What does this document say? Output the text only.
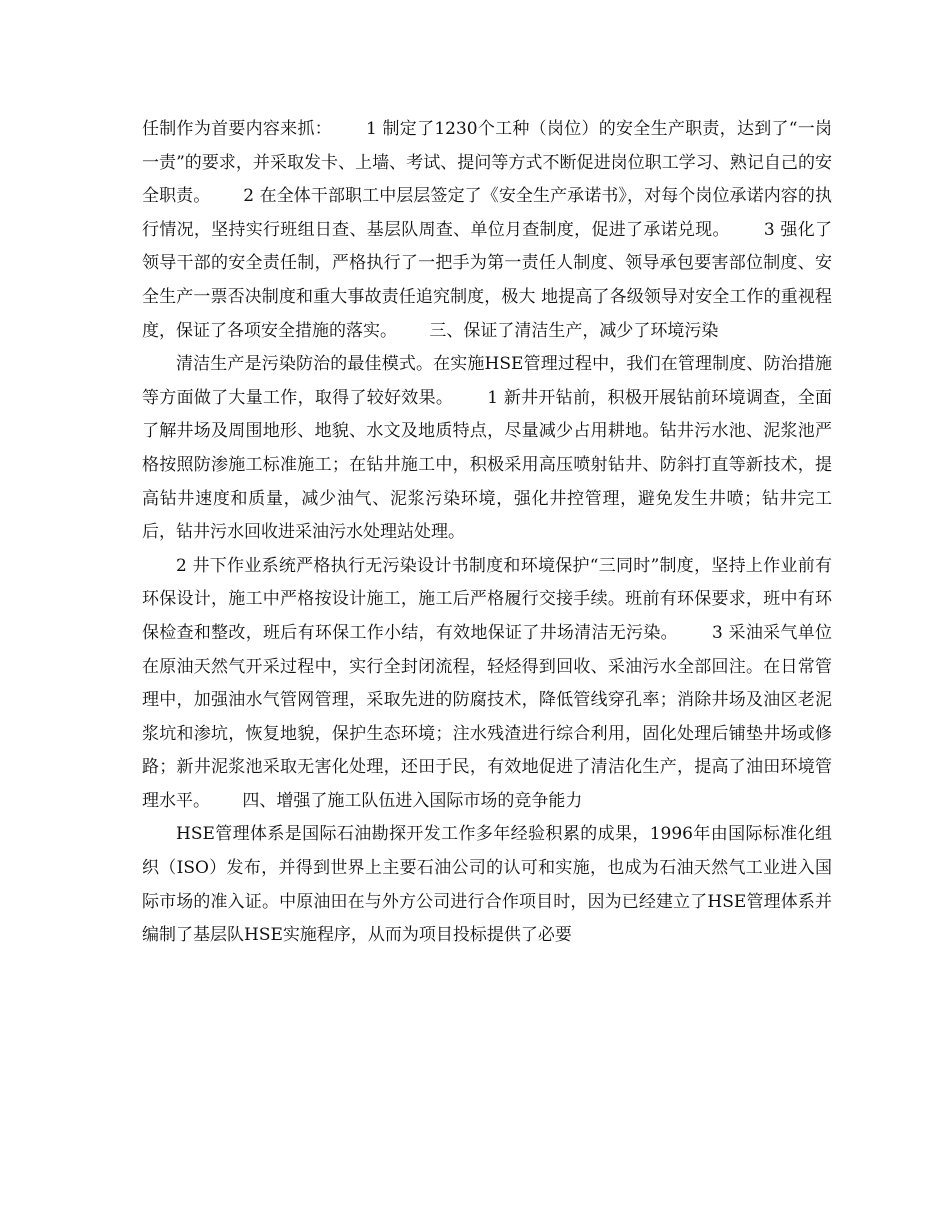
任制作为首要内容来抓：      1 制定了1230个工种（岗位）的安全生产职责，达到了“一岗一责”的要求，并采取发卡、上墙、考试、提问等方式不断促进岗位职工学习、熟记自己的安全职责。      2 在全体干部职工中层层签定了《安全生产承诺书》，对每个岗位承诺内容的执行情况，坚持实行班组日查、基层队周查、单位月查制度，促进了承诺兑现。      3 强化了领导干部的安全责任制，严格执行了一把手为第一责任人制度、领导承包要害部位制度、安全生产一票否决制度和重大事故责任追究制度，极大 地提高了各级领导对安全工作的重视程度，保证了各项安全措施的落实。      三、保证了清洁生产，减少了环境污染

清洁生产是污染防治的最佳模式。在实施HSE管理过程中，我们在管理制度、防治措施等方面做了大量工作，取得了较好效果。      1 新井开钻前，积极开展钻前环境调查，全面了解井场及周围地形、地貌、水文及地质特点，尽量减少占用耕地。钻井污水池、泥浆池严格按照防渗施工标准施工；在钻井施工中，积极采用高压喷射钻井、防斜打直等新技术，提高钻井速度和质量，减少油气、泥浆污染环境，强化井控管理，避免发生井喷；钻井完工后，钻井污水回收进采油污水处理站处理。

2 井下作业系统严格执行无污染设计书制度和环境保护“三同时”制度，坚持上作业前有环保设计，施工中严格按设计施工，施工后严格履行交接手续。班前有环保要求，班中有环保检查和整改，班后有环保工作小结，有效地保证了井场清洁无污染。      3 采油采气单位在原油天然气开采过程中，实行全封闭流程，轻烃得到回收、采油污水全部回注。在日常管理中，加强油水气管网管理，采取先进的防腐技术，降低管线穿孔率；消除井场及油区老泥浆坑和渗坑，恢复地貌，保护生态环境；注水残渣进行综合利用，固化处理后铺垫井场或修路；新井泥浆池采取无害化处理，还田于民，有效地促进了清洁化生产，提高了油田环境管理水平。      四、增强了施工队伍进入国际市场的竞争能力

HSE管理体系是国际石油勘探开发工作多年经验积累的成果，1996年由国际标准化组织（ISO）发布，并得到世界上主要石油公司的认可和实施，也成为石油天然气工业进入国际市场的准入证。中原油田在与外方公司进行合作项目时，因为已经建立了HSE管理体系并编制了基层队HSE实施程序，从而为项目投标提供了必要
